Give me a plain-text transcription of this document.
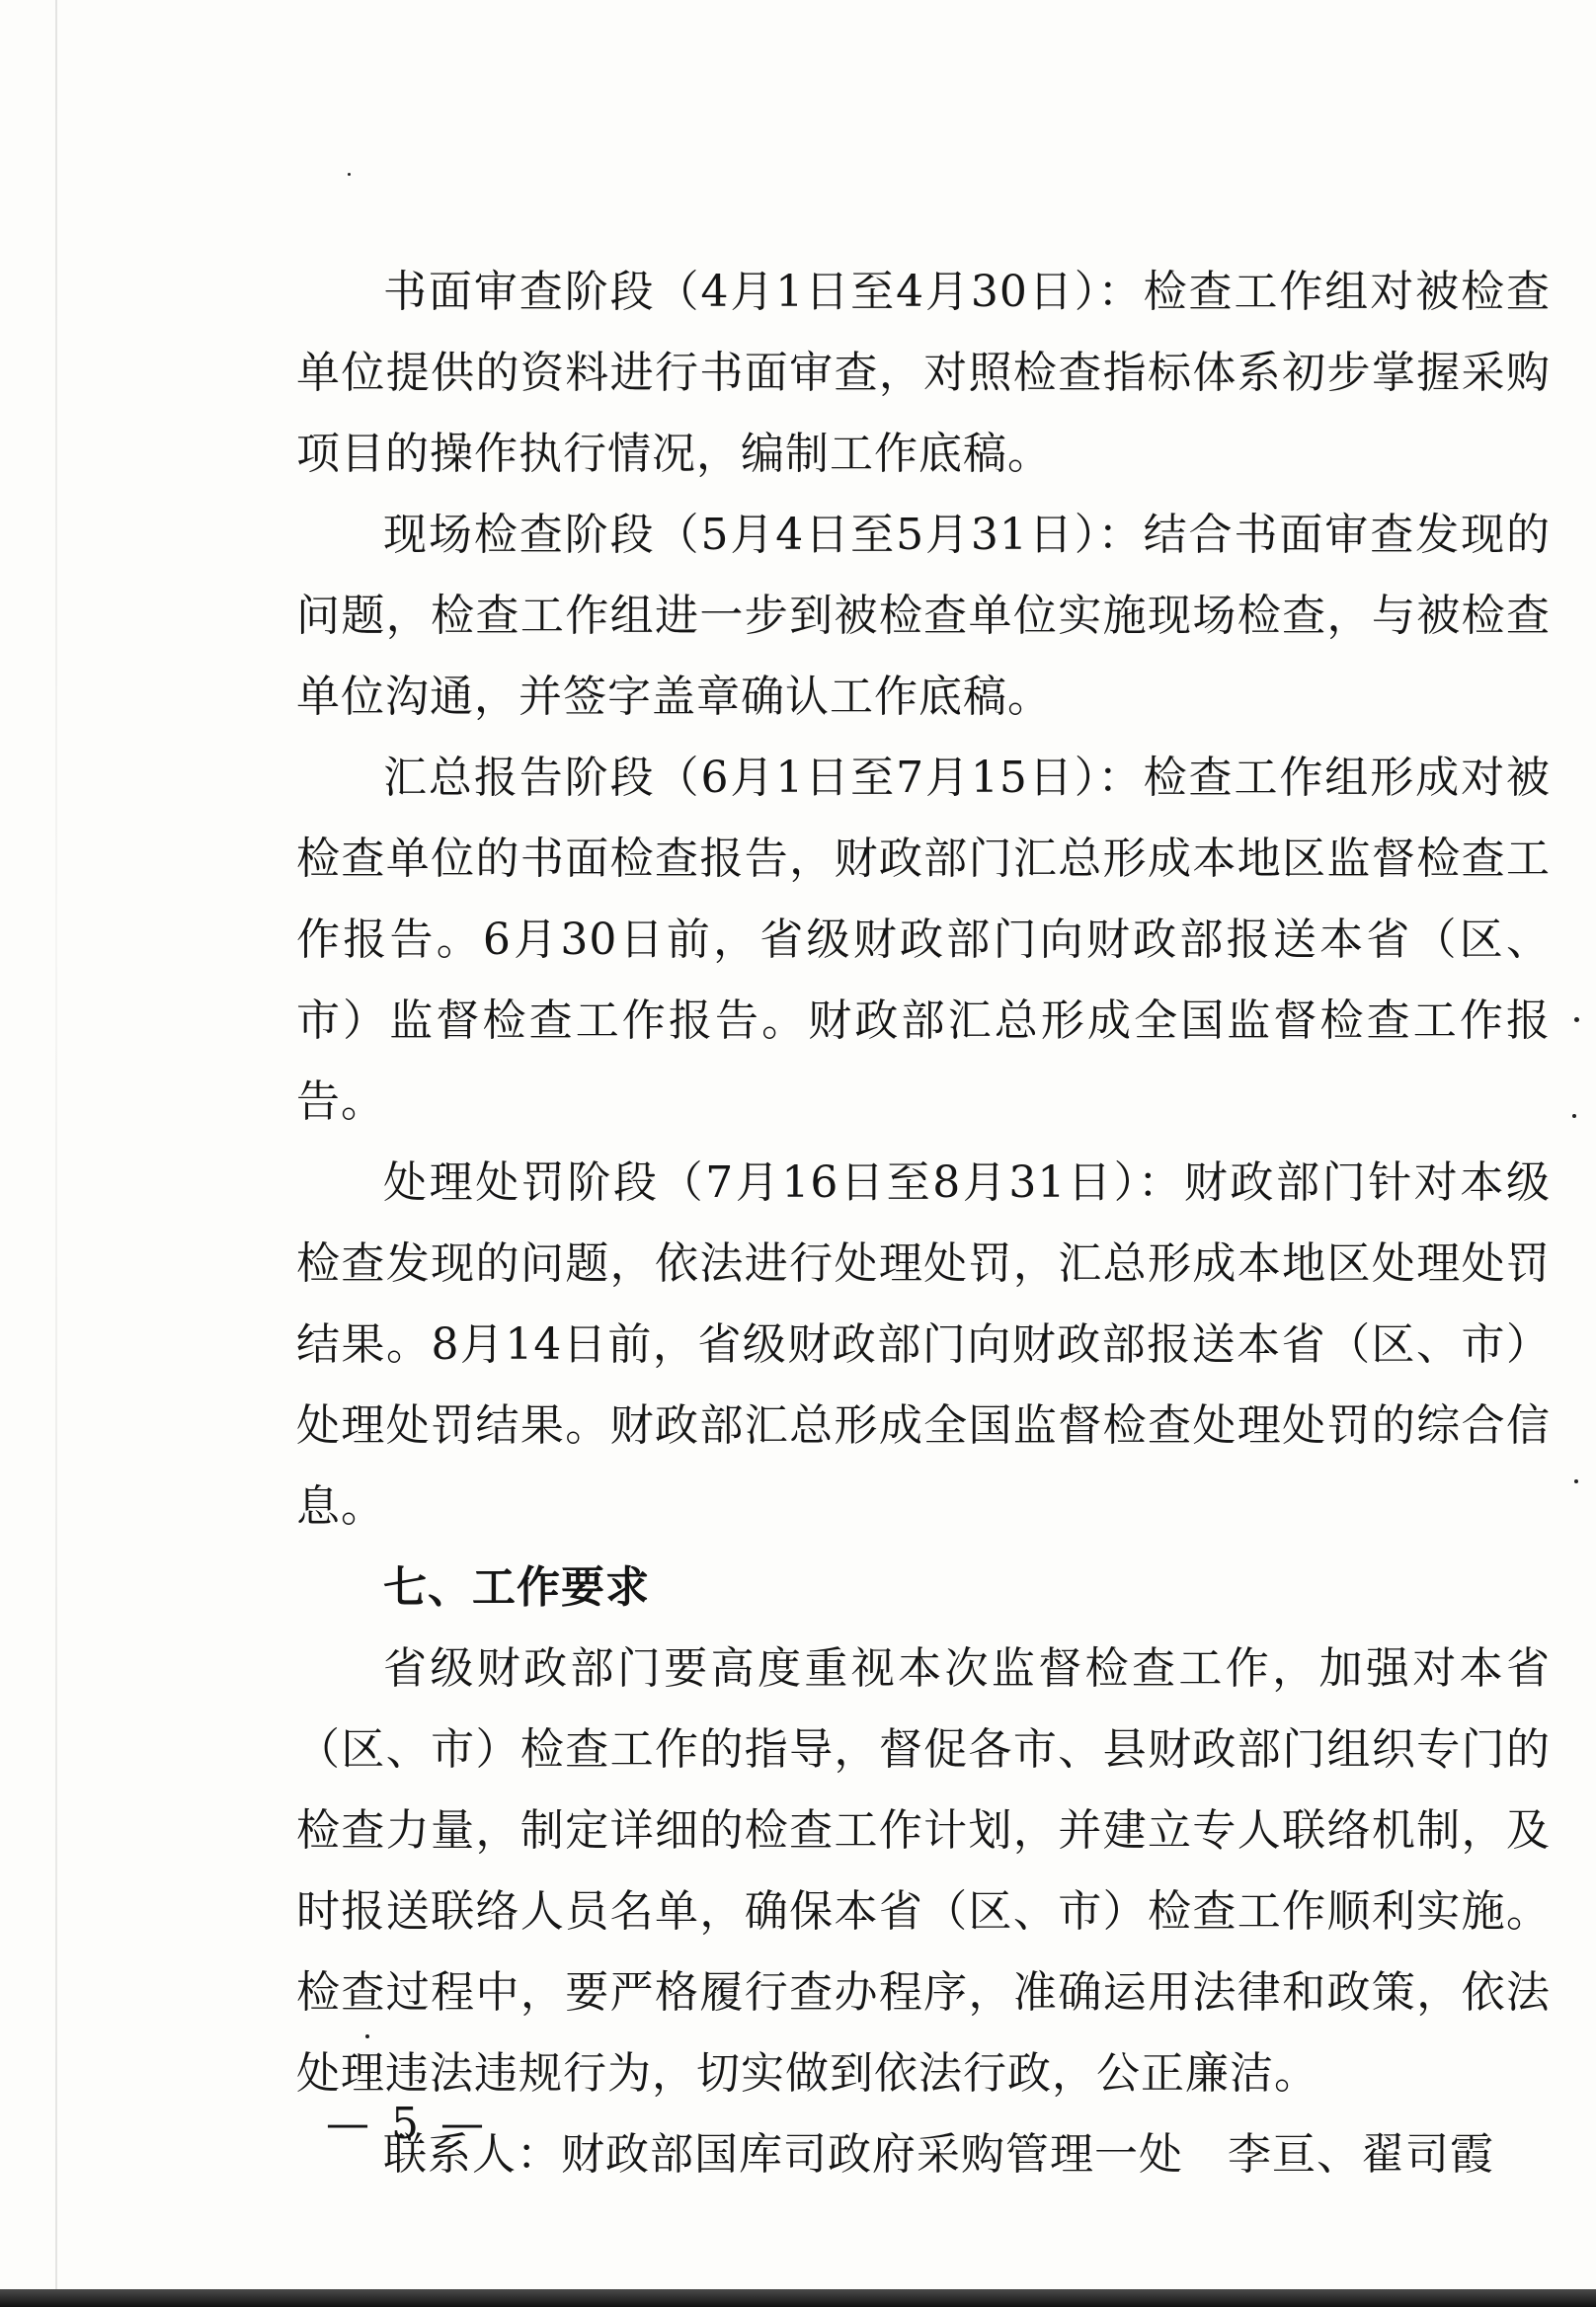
书面审查阶段（4月1日至4月30日）：检查工作组对被检查单位提供的资料进行书面审查，对照检查指标体系初步掌握采购项目的操作执行情况，编制工作底稿。

现场检查阶段（5月4日至5月31日）：结合书面审查发现的问题，检查工作组进一步到被检查单位实施现场检查，与被检查单位沟通，并签字盖章确认工作底稿。

汇总报告阶段（6月1日至7月15日）：检查工作组形成对被检查单位的书面检查报告，财政部门汇总形成本地区监督检查工作报告。6月30日前，省级财政部门向财政部报送本省（区、市）监督检查工作报告。财政部汇总形成全国监督检查工作报告。

处理处罚阶段（7月16日至8月31日）：财政部门针对本级检查发现的问题，依法进行处理处罚，汇总形成本地区处理处罚结果。8月14日前，省级财政部门向财政部报送本省（区、市）处理处罚结果。财政部汇总形成全国监督检查处理处罚的综合信息。

七、工作要求

省级财政部门要高度重视本次监督检查工作，加强对本省（区、市）检查工作的指导，督促各市、县财政部门组织专门的检查力量，制定详细的检查工作计划，并建立专人联络机制，及时报送联络人员名单，确保本省（区、市）检查工作顺利实施。检查过程中，要严格履行查办程序，准确运用法律和政策，依法处理违法违规行为，切实做到依法行政，公正廉洁。

联系人：财政部国库司政府采购管理一处　李亘、翟司霞

— 5 —
